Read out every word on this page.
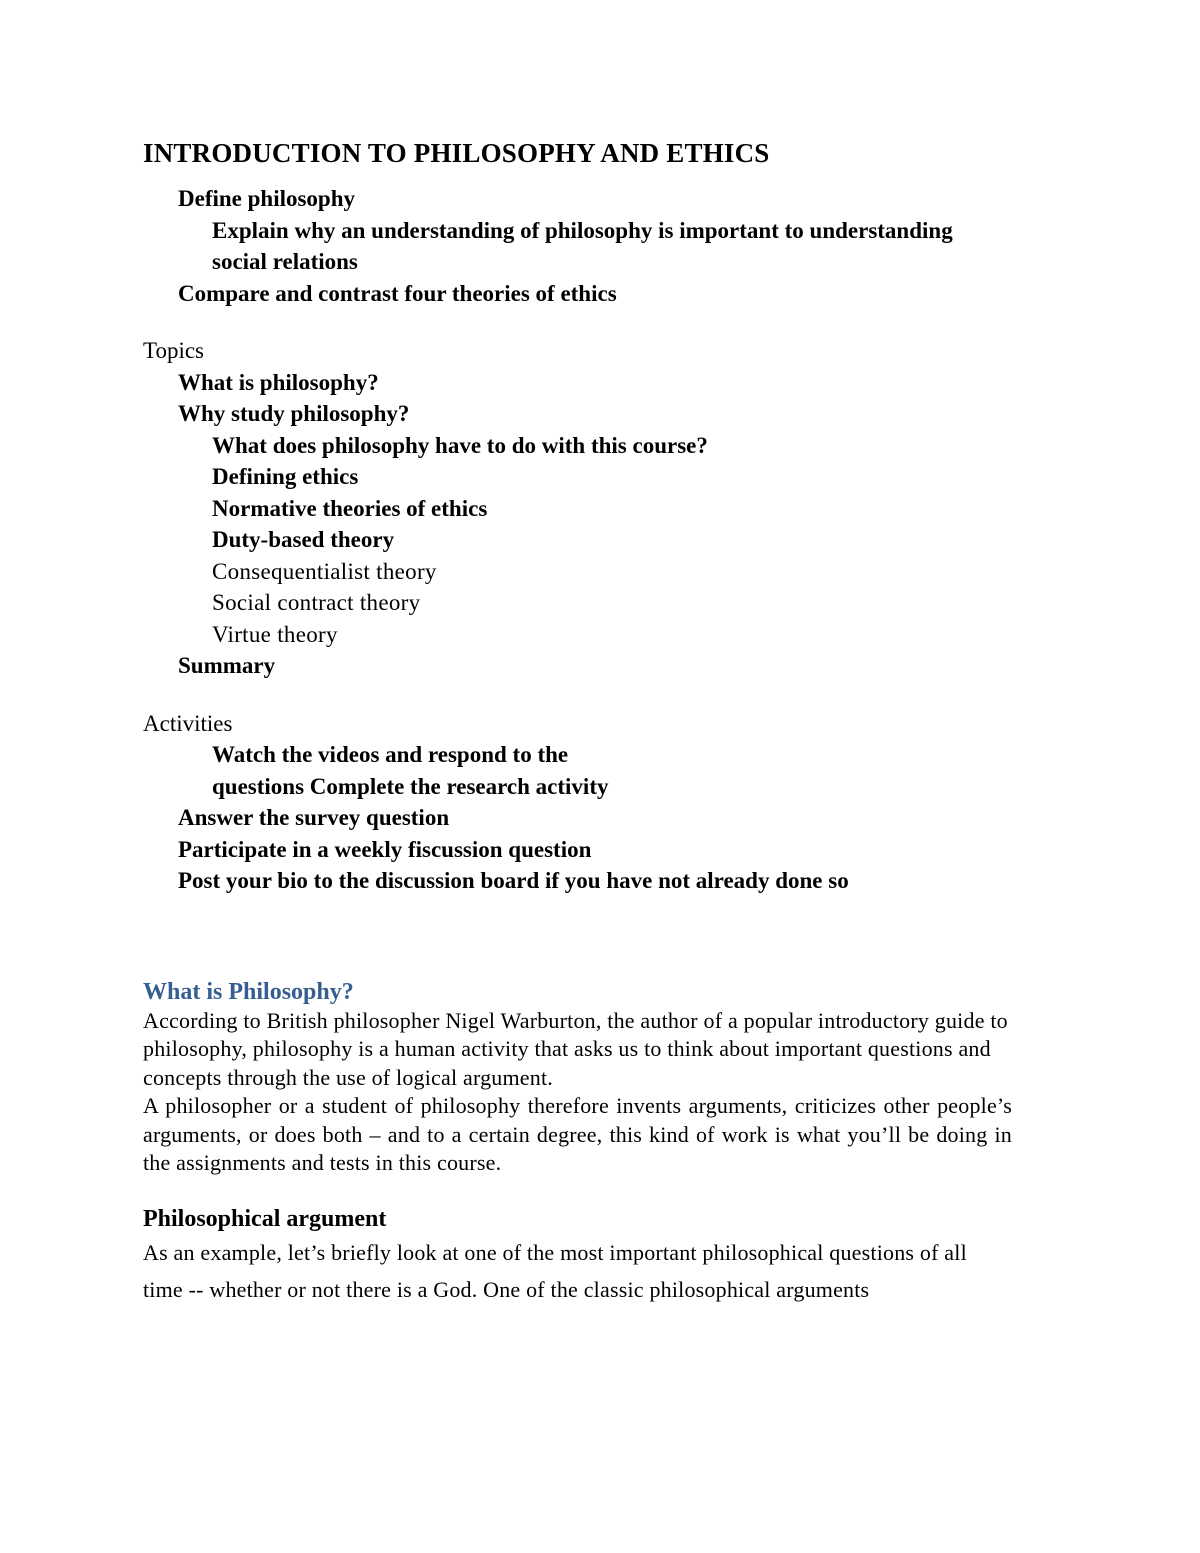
INTRODUCTION TO PHILOSOPHY AND ETHICS
Define philosophy
Explain why an understanding of philosophy is important to understanding
social relations
Compare and contrast four theories of ethics
Topics
What is philosophy?
Why study philosophy?
What does philosophy have to do with this course?
Defining ethics
Normative theories of ethics
Duty-based theory
Consequentialist theory
Social contract theory
Virtue theory
Summary
Activities
Watch the videos and respond to the
questions Complete the research activity
Answer the survey question
Participate in a weekly fiscussion question
Post your bio to the discussion board if you have not already done so
What is Philosophy?
According to British philosopher Nigel Warburton, the author of a popular introductory guide to philosophy, philosophy is a human activity that asks us to think about important questions and concepts through the use of logical argument.
A philosopher or a student of philosophy therefore invents arguments, criticizes other people’s arguments, or does both – and to a certain degree, this kind of work is what you’ll be doing in the assignments and tests in this course.
Philosophical argument
As an example, let’s briefly look at one of the most important philosophical questions of all time -- whether or not there is a God. One of the classic philosophical arguments
